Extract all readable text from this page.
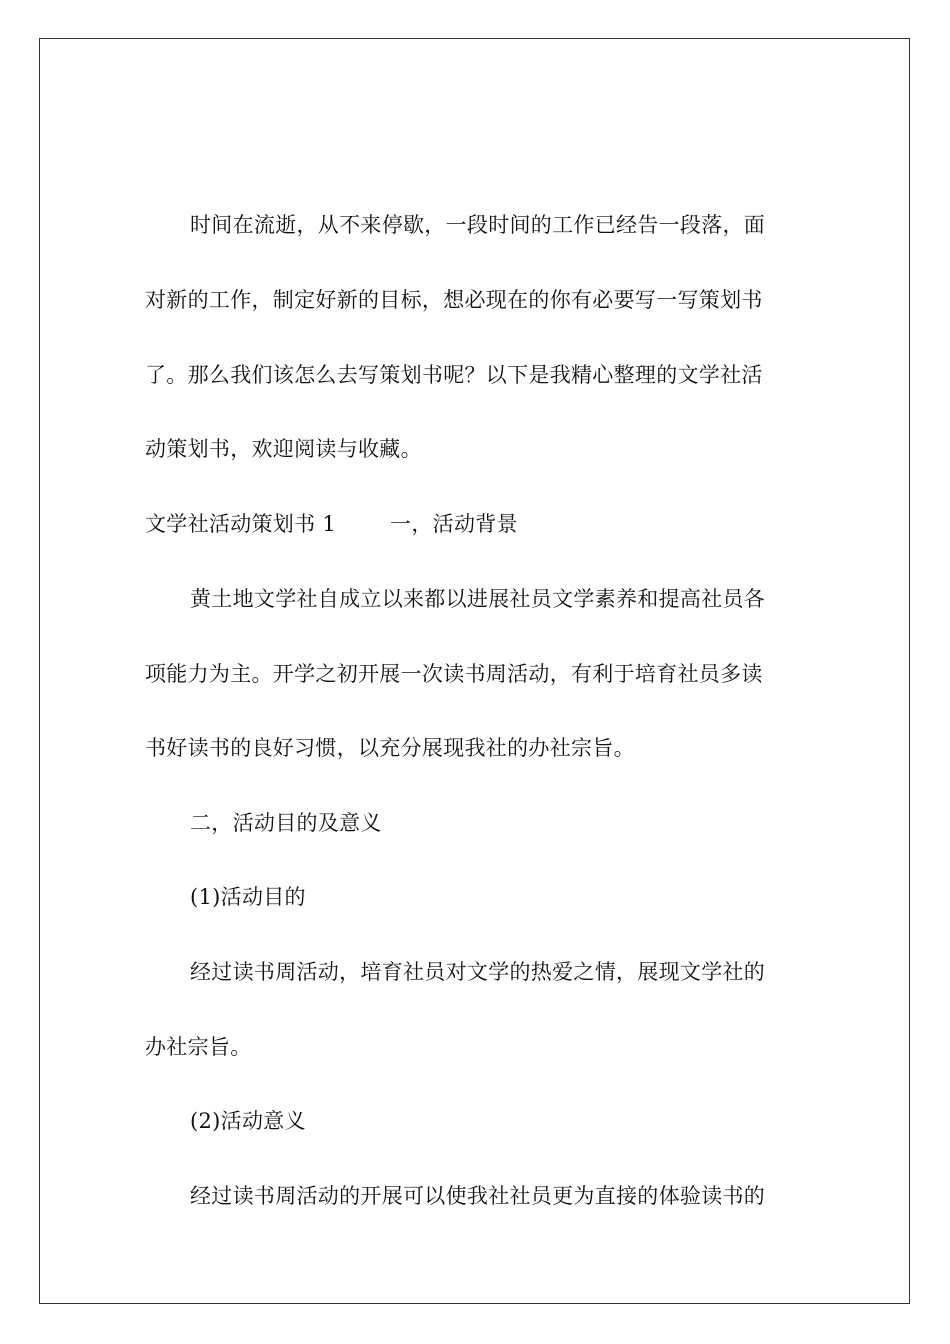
时间在流逝，从不来停歇，一段时间的工作已经告一段落，面
对新的工作，制定好新的目标，想必现在的你有必要写一写策划书
了。那么我们该怎么去写策划书呢？以下是我精心整理的文学社活
动策划书，欢迎阅读与收藏。
文学社活动策划书 1	一，活动背景
黄土地文学社自成立以来都以进展社员文学素养和提高社员各
项能力为主。开学之初开展一次读书周活动，有利于培育社员多读
书好读书的良好习惯，以充分展现我社的办社宗旨。
二，活动目的及意义
(1)活动目的
经过读书周活动，培育社员对文学的热爱之情，展现文学社的
办社宗旨。
(2)活动意义
经过读书周活动的开展可以使我社社员更为直接的体验读书的
